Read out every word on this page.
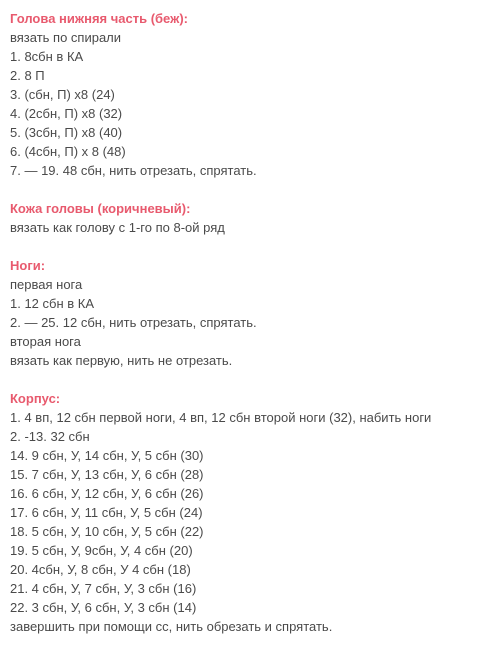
Голова нижняя часть (беж):
вязать по спирали
1. 8сбн в КА
2. 8 П
3. (сбн, П) х8 (24)
4. (2сбн, П) х8 (32)
5. (3сбн, П) х8 (40)
6. (4сбн, П) х 8 (48)
7. — 19. 48 сбн, нить отрезать, спрятать.
Кожа головы (коричневый):
вязать как голову с 1-го по 8-ой ряд
Ноги:
первая нога
1. 12 сбн в КА
2. — 25. 12 сбн, нить отрезать, спрятать.
вторая нога
вязать как первую, нить не отрезать.
Корпус:
1. 4 вп, 12 сбн первой ноги, 4 вп, 12 сбн второй ноги (32), набить ноги
2. -13. 32 сбн
14. 9 сбн, У, 14 сбн, У, 5 сбн (30)
15. 7 сбн, У, 13 сбн, У, 6 сбн (28)
16. 6 сбн, У, 12 сбн, У, 6 сбн (26)
17. 6 сбн, У, 11 сбн, У, 5 сбн (24)
18. 5 сбн, У, 10 сбн, У, 5 сбн (22)
19. 5 сбн, У, 9сбн, У, 4 сбн (20)
20. 4сбн, У, 8 сбн, У 4 сбн (18)
21. 4 сбн, У, 7 сбн, У, 3 сбн (16)
22. 3 сбн, У, 6 сбн, У, 3 сбн (14)
завершить при помощи сс, нить обрезать и спрятать.
